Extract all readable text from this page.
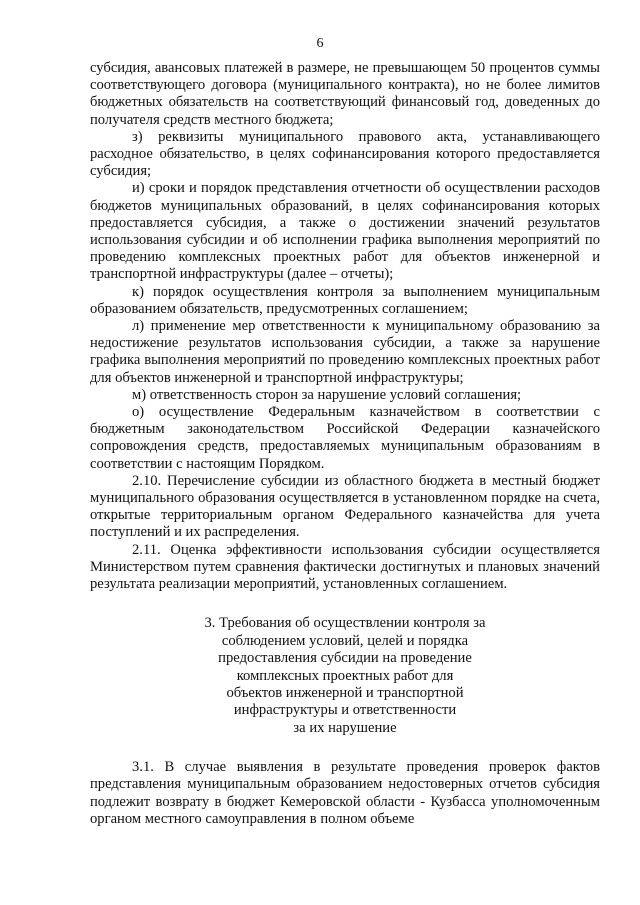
6

субсидия, авансовых платежей в размере, не превышающем 50 процентов суммы соответствующего договора (муниципального контракта), но не более лимитов бюджетных обязательств на соответствующий финансовый год, доведенных до получателя средств местного бюджета;

з) реквизиты муниципального правового акта, устанавливающего расходное обязательство, в целях софинансирования которого предоставляется субсидия;

и) сроки и порядок представления отчетности об осуществлении расходов бюджетов муниципальных образований, в целях софинансирования которых предоставляется субсидия, а также о достижении значений результатов использования субсидии и об исполнении графика выполнения мероприятий по проведению комплексных проектных работ для объектов инженерной и транспортной инфраструктуры (далее – отчеты);

к) порядок осуществления контроля за выполнением муниципальным образованием обязательств, предусмотренных соглашением;

л) применение мер ответственности к муниципальному образованию за недостижение результатов использования субсидии, а также за нарушение графика выполнения мероприятий по проведению комплексных проектных работ для объектов инженерной и транспортной инфраструктуры;

м) ответственность сторон за нарушение условий соглашения;

о) осуществление Федеральным казначейством в соответствии с бюджетным законодательством Российской Федерации казначейского сопровождения средств, предоставляемых муниципальным образованиям в соответствии с настоящим Порядком.

2.10. Перечисление субсидии из областного бюджета в местный бюджет муниципального образования осуществляется в установленном порядке на счета, открытые территориальным органом Федерального казначейства для учета поступлений и их распределения.

2.11. Оценка эффективности использования субсидии осуществляется Министерством путем сравнения фактически достигнутых и плановых значений результата реализации мероприятий, установленных соглашением.

3. Требования об осуществлении контроля за
соблюдением условий, целей и порядка
предоставления субсидии на проведение
комплексных проектных работ для
объектов инженерной и транспортной
инфраструктуры и ответственности
за их нарушение

3.1. В случае выявления в результате проведения проверок фактов представления муниципальным образованием недостоверных отчетов субсидия подлежит возврату в бюджет Кемеровской области - Кузбасса уполномоченным органом местного самоуправления в полном объеме
